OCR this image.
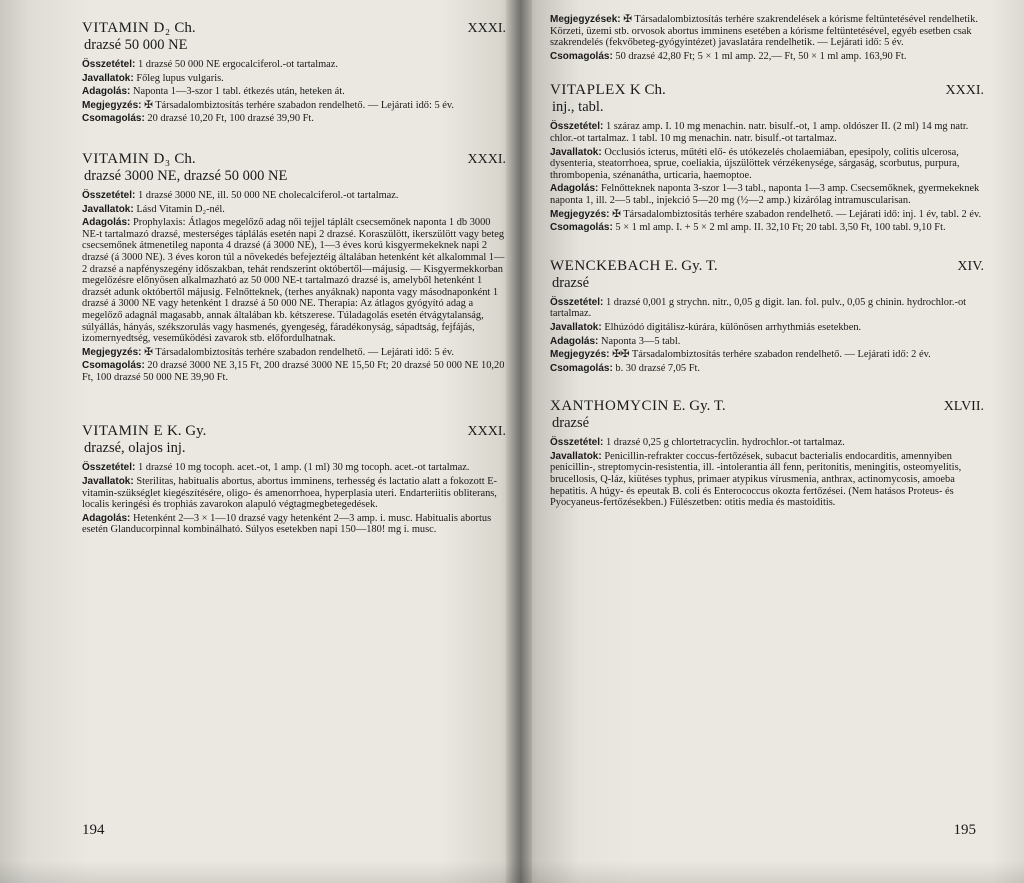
VITAMIN D₂ Ch.	XXXI.
drazsé 50 000 NE

Összetétel: 1 drazsé 50 000 NE ergocalciferol.-ot tartalmaz.

Javallatok: Főleg lupus vulgaris.

Adagolás: Naponta 1—3-szor 1 tabl. étkezés után, heteken át.

Megjegyzés: ✠ Társadalombiztosítás terhére szabadon rendelhető. — Lejárati idő: 5 év.

Csomagolás: 20 drazsé 10,20 Ft, 100 drazsé 39,90 Ft.

VITAMIN D₃ Ch.	XXXI.
drazsé 3000 NE, drazsé 50 000 NE

Összetétel: 1 drazsé 3000 NE, ill. 50 000 NE cholecalciferol.-ot tartalmaz.

Javallatok: Lásd Vitamin D₂-nél.

Adagolás: Prophylaxis: Átlagos megelőző adag női tejjel táplált csecsemőnek naponta 1 db 3000 NE-t tartalmazó drazsé, mesterséges táplálás esetén napi 2 drazsé. Koraszülött, ikerszülött vagy beteg csecsemőnek átmenetileg naponta 4 drazsé (á 3000 NE), 1—3 éves korú kisgyermekeknek napi 2 drazsé (á 3000 NE). 3 éves koron túl a növekedés befejeztéig általában hetenként két alkalommal 1—2 drazsé a napfényszegény időszakban, tehát rendszerint októbertől—májusig. — Kisgyermekkorban megelőzésre előnyösen alkalmazható az 50 000 NE-t tartalmazó drazsé is, amelyből hetenként 1 drazsét adunk októbertől májusig. Felnőtteknek, (terhes anyáknak) naponta vagy másodnaponként 1 drazsé á 3000 NE vagy hetenként 1 drazsé á 50 000 NE. Therapia: Az átlagos gyógyító adag a megelőző adagnál magasabb, annak általában kb. kétszerese. Túladagolás esetén étvágytalanság, súlyállás, hányás, székszorulás vagy hasmenés, gyengeség, fáradékonyság, sápadtság, fejfájás, izomernyedtség, veseműködési zavarok stb. előfordulhatnak.

Megjegyzés: ✠ Társadalombiztosítás terhére szabadon rendelhető. — Lejárati idő: 5 év.

Csomagolás: 20 drazsé 3000 NE 3,15 Ft, 200 drazsé 3000 NE 15,50 Ft; 20 drazsé 50 000 NE 10,20 Ft, 100 drazsé 50 000 NE 39,90 Ft.

VITAMIN E K. Gy.	XXXI.
drazsé, olajos inj.

Összetétel: 1 drazsé 10 mg tocoph. acet.-ot, 1 amp. (1 ml) 30 mg tocoph. acet.-ot tartalmaz.

Javallatok: Sterilitas, habitualis abortus, abortus imminens, terhesség és lactatio alatt a fokozott E-vitamin-szükséglet kiegészítésére, oligo- és amenorrhoea, hyperplasia uteri. Endarteriitis obliterans, localis keringési és trophiás zavarokon alapuló végtagmegbetegedések.

Adagolás: Hetenként 2—3 × 1—10 drazsé vagy hetenként 2—3 amp. i. musc. Habitualis abortus esetén Glanducorpinnal kombinálható. Súlyos esetekben napi 150—180! mg i. musc.

194

Megjegyzések: ✠ Társadalombiztosítás terhére szakrendelések a kórisme feltüntetésével rendelhetik. Körzeti, üzemi stb. orvosok abortus imminens esetében a kórisme feltüntetésével, egyéb esetben csak szakrendelés (fekvőbeteg-gyógyintézet) javaslatára rendelhetik. — Lejárati idő: 5 év.

Csomagolás: 50 drazsé 42,80 Ft; 5 × 1 ml amp. 22,— Ft, 50 × 1 ml amp. 163,90 Ft.

VITAPLEX K Ch.	XXXI.
inj., tabl.

Összetétel: 1 száraz amp. I. 10 mg menachin. natr. bisulf.-ot, 1 amp. oldószer II. (2 ml) 14 mg natr. chlor.-ot tartalmaz. 1 tabl. 10 mg menachin. natr. bisulf.-ot tartalmaz.

Javallatok: Occlusiós icterus, műtéti elő- és utókezelés cholaemiában, epesipoly, colitis ulcerosa, dysenteria, steatorrhoea, sprue, coeliakia, újszülöttek vérzékenysége, sárgaság, scorbutus, purpura, thrombopenia, szénanátha, urticaria, haemoptoe.

Adagolás: Felnőtteknek naponta 3-szor 1—3 tabl., naponta 1—3 amp. Csecsemőknek, gyermekeknek naponta 1, ill. 2—5 tabl., injekció 5—20 mg (½—2 amp.) kizárólag intramuscularisan.

Megjegyzés: ✠ Társadalombiztosítás terhére szabadon rendelhető. — Lejárati idő: inj. 1 év, tabl. 2 év.

Csomagolás: 5 × 1 ml amp. I. + 5 × 2 ml amp. II. 32,10 Ft; 20 tabl. 3,50 Ft, 100 tabl. 9,10 Ft.

WENCKEBACH E. Gy. T.	XIV.
drazsé

Összetétel: 1 drazsé 0,001 g strychn. nitr., 0,05 g digit. lan. fol. pulv., 0,05 g chinin. hydrochlor.-ot tartalmaz.

Javallatok: Elhúzódó digitálisz-kúrára, különösen arrhythmiás esetekben.

Adagolás: Naponta 3—5 tabl.

Megjegyzés: ✠✠ Társadalombiztosítás terhére szabadon rendelhető. — Lejárati idő: 2 év.

Csomagolás: b. 30 drazsé 7,05 Ft.

XANTHOMYCIN E. Gy. T.	XLVII.
drazsé

Összetétel: 1 drazsé 0,25 g chlortetracyclin. hydrochlor.-ot tartalmaz.

Javallatok: Penicillin-refrakter coccus-fertőzések, subacut bacterialis endocarditis, amennyiben penicillin-, streptomycin-resistentia, ill. -intolerantia áll fenn, peritonitis, meningitis, osteomyelitis, brucellosis, Q-láz, kiütéses typhus, primaer atypikus vírusmenia, anthrax, actinomycosis, amoeba hepatitis. A húgy- és epeutak B. coli és Enterococcus okozta fertőzései. (Nem hatásos Proteus- és Pyocyaneus-fertőzésekben.) Fülészetben: otitis media és mastoiditis.

195
